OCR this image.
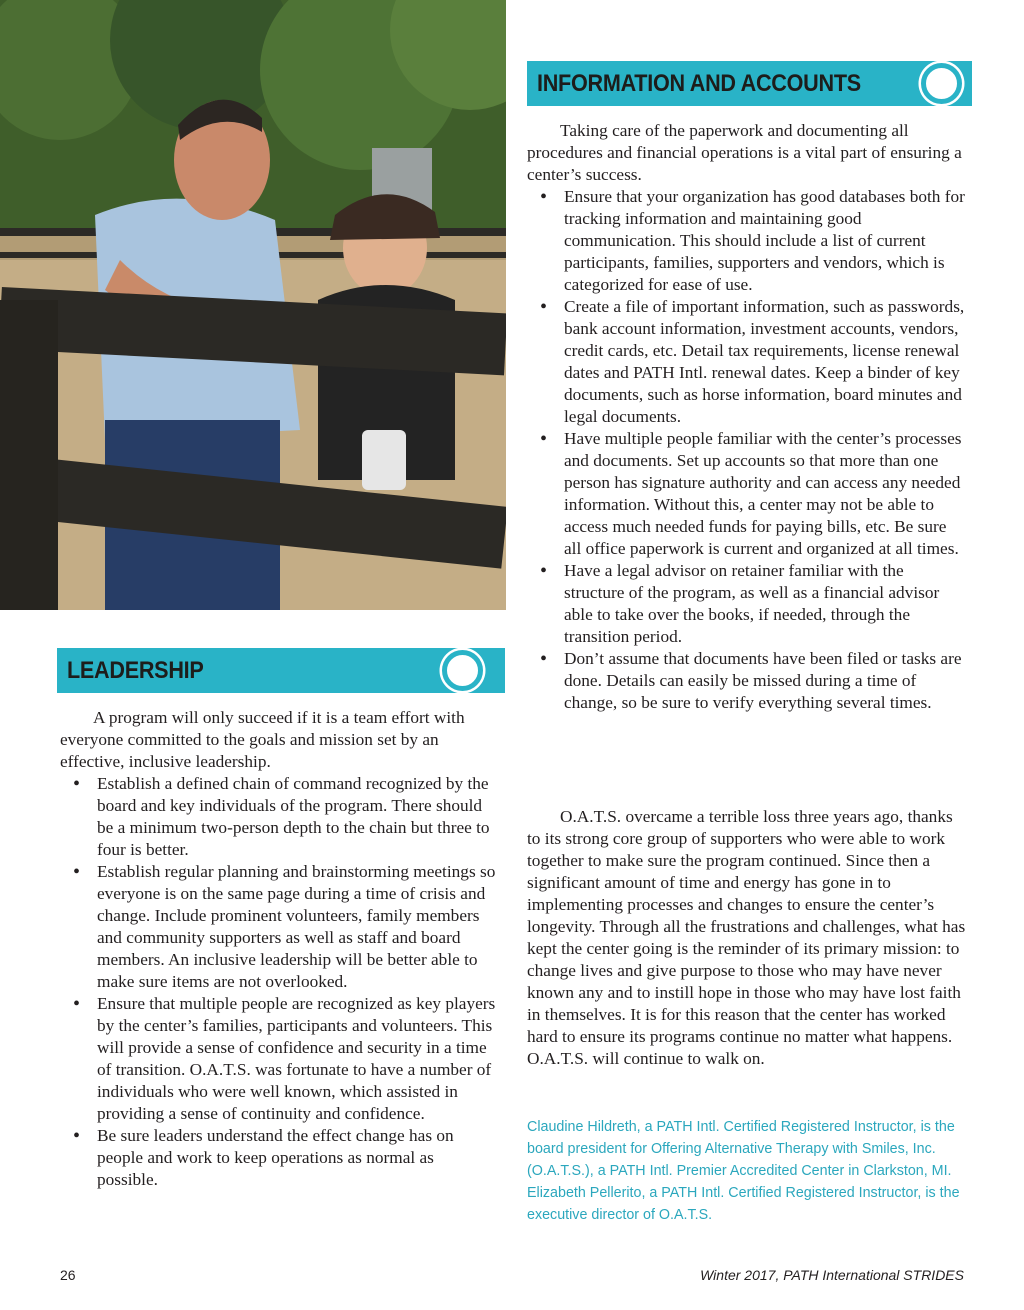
INFORMATION AND ACCOUNTS

Taking care of the paperwork and documenting all procedures and financial operations is a vital part of ensuring a center’s success.

• Ensure that your organization has good databases both for tracking information and maintaining good communication. This should include a list of current participants, families, supporters and vendors, which is categorized for ease of use.
• Create a file of important information, such as passwords, bank account information, investment accounts, vendors, credit cards, etc. Detail tax requirements, license renewal dates and PATH Intl. renewal dates. Keep a binder of key documents, such as horse information, board minutes and legal documents.
• Have multiple people familiar with the center’s processes and documents. Set up accounts so that more than one person has signature authority and can access any needed information. Without this, a center may not be able to access much needed funds for paying bills, etc. Be sure all office paperwork is current and organized at all times.
• Have a legal advisor on retainer familiar with the structure of the program, as well as a financial advisor able to take over the books, if needed, through the transition period.
• Don’t assume that documents have been filed or tasks are done. Details can easily be missed during a time of change, so be sure to verify everything several times.

O.A.T.S. overcame a terrible loss three years ago, thanks to its strong core group of supporters who were able to work together to make sure the program continued. Since then a significant amount of time and energy has gone in to implementing processes and changes to ensure the center’s longevity. Through all the frustrations and challenges, what has kept the center going is the reminder of its primary mission: to change lives and give purpose to those who may have never known any and to instill hope in those who may have lost faith in themselves. It is for this reason that the center has worked hard to ensure its programs continue no matter what happens. O.A.T.S. will continue to walk on.

Claudine Hildreth, a PATH Intl. Certified Registered Instructor, is the board president for Offering Alternative Therapy with Smiles, Inc. (O.A.T.S.), a PATH Intl. Premier Accredited Center in Clarkston, MI. Elizabeth Pellerito, a PATH Intl. Certified Registered Instructor, is the executive director of O.A.T.S.

LEADERSHIP

A program will only succeed if it is a team effort with everyone committed to the goals and mission set by an effective, inclusive leadership.

• Establish a defined chain of command recognized by the board and key individuals of the program. There should be a minimum two-person depth to the chain but three to four is better.
• Establish regular planning and brainstorming meetings so everyone is on the same page during a time of crisis and change. Include prominent volunteers, family members and community supporters as well as staff and board members. An inclusive leadership will be better able to make sure items are not overlooked.
• Ensure that multiple people are recognized as key players by the center’s families, participants and volunteers. This will provide a sense of confidence and security in a time of transition. O.A.T.S. was fortunate to have a number of individuals who were well known, which assisted in providing a sense of continuity and confidence.
• Be sure leaders understand the effect change has on people and work to keep operations as normal as possible.
26	Winter 2017, PATH International STRIDES
